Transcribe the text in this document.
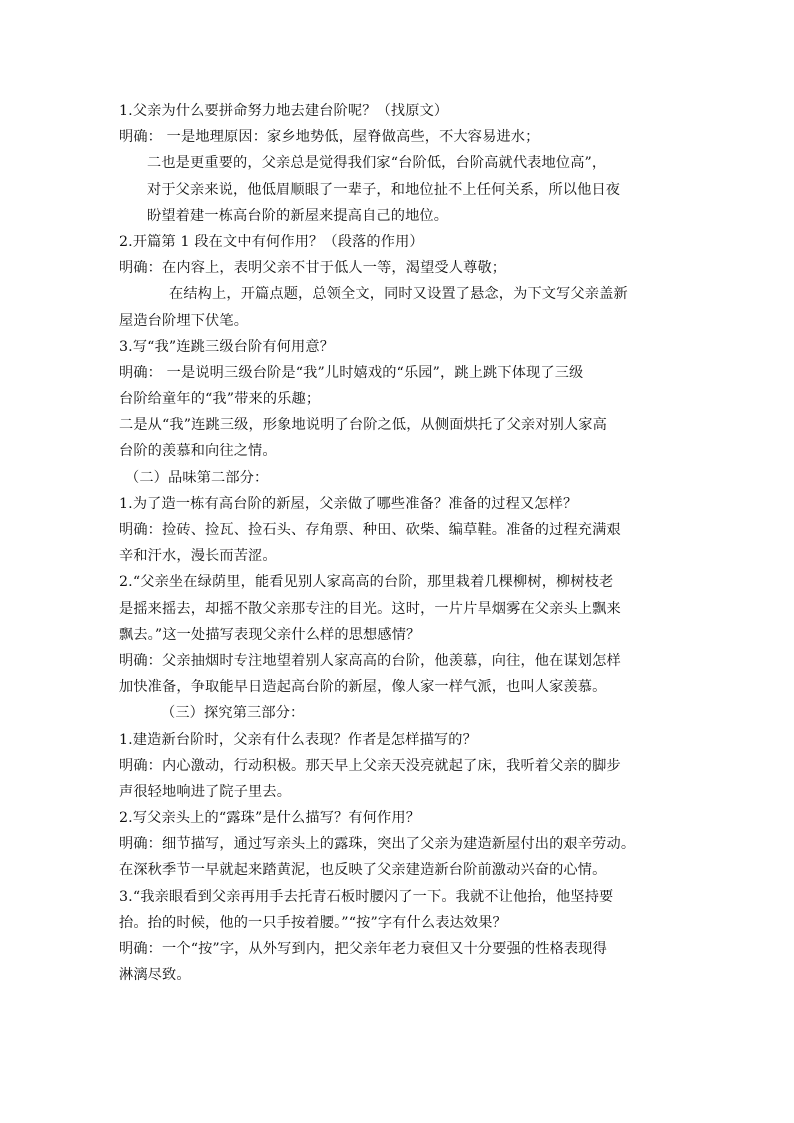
1.父亲为什么要拼命努力地去建台阶呢？（找原文）
明确： 一是地理原因：家乡地势低，屋脊做高些，不大容易进水；
二也是更重要的，父亲总是觉得我们家“台阶低，台阶高就代表地位高”，
对于父亲来说，他低眉顺眼了一辈子，和地位扯不上任何关系，所以他日夜
盼望着建一栋高台阶的新屋来提高自己的地位。
2.开篇第 1 段在文中有何作用？（段落的作用）
明确：在内容上，表明父亲不甘于低人一等，渴望受人尊敬；
在结构上，开篇点题，总领全文，同时又设置了悬念，为下文写父亲盖新
屋造台阶埋下伏笔。
3.写“我”连跳三级台阶有何用意？
明确： 一是说明三级台阶是“我”儿时嬉戏的“乐园”，跳上跳下体现了三级
台阶给童年的“我”带来的乐趣；
二是从“我”连跳三级，形象地说明了台阶之低，从侧面烘托了父亲对别人家高
台阶的羡慕和向往之情。
（二）品味第二部分：
1.为了造一栋有高台阶的新屋，父亲做了哪些准备？准备的过程又怎样？
明确：捡砖、捡瓦、捡石头、存角票、种田、砍柴、编草鞋。准备的过程充满艰
辛和汗水，漫长而苦涩。
2.“父亲坐在绿荫里，能看见别人家高高的台阶，那里栽着几棵柳树，柳树枝老
是摇来摇去，却摇不散父亲那专注的目光。这时，一片片旱烟雾在父亲头上飘来
飘去。”这一处描写表现父亲什么样的思想感情？
明确：父亲抽烟时专注地望着别人家高高的台阶，他羡慕，向往，他在谋划怎样
加快准备，争取能早日造起高台阶的新屋，像人家一样气派，也叫人家羡慕。
（三）探究第三部分：
1.建造新台阶时，父亲有什么表现？作者是怎样描写的？
明确：内心激动，行动积极。那天早上父亲天没亮就起了床，我听着父亲的脚步
声很轻地响进了院子里去。
2.写父亲头上的“露珠”是什么描写？有何作用？
明确：细节描写，通过写亲头上的露珠，突出了父亲为建造新屋付出的艰辛劳动。
在深秋季节一早就起来踏黄泥，也反映了父亲建造新台阶前激动兴奋的心情。
3.“我亲眼看到父亲再用手去托青石板时腰闪了一下。我就不让他抬，他坚持要
抬。抬的时候，他的一只手按着腰。”“按”字有什么表达效果？
明确：一个“按”字，从外写到内，把父亲年老力衰但又十分要强的性格表现得
淋漓尽致。
